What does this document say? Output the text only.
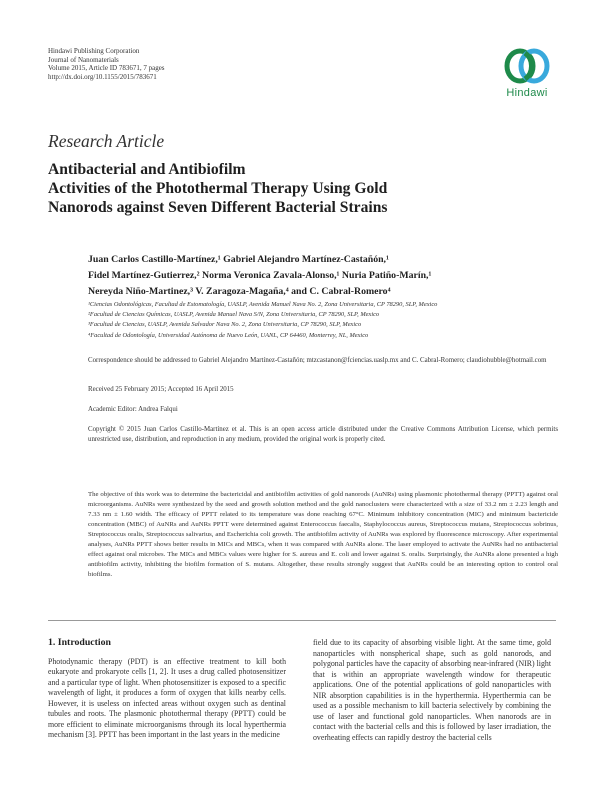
Hindawi Publishing Corporation
Journal of Nanomaterials
Volume 2015, Article ID 783671, 7 pages
http://dx.doi.org/10.1155/2015/783671
Hindawi
Research Article
Antibacterial and Antibiofilm
Activities of the Photothermal Therapy Using Gold
Nanorods against Seven Different Bacterial Strains
Juan Carlos Castillo-Martínez,¹ Gabriel Alejandro Martínez-Castañón,¹
Fidel Martínez-Gutierrez,² Norma Veronica Zavala-Alonso,¹ Nuria Patiño-Marín,¹
Nereyda Niño-Martinez,³ V. Zaragoza-Magaña,⁴ and C. Cabral-Romero⁴
¹Ciencias Odontológicas, Facultad de Estomatología, UASLP, Avenida Manuel Nava No. 2, Zona Universitaria, CP 78290, SLP, Mexico
²Facultad de Ciencias Químicas, UASLP, Avenida Manuel Nava S/N, Zona Universitaria, CP 78290, SLP, Mexico
³Facultad de Ciencias, UASLP, Avenida Salvador Nava No. 2, Zona Universitaria, CP 78290, SLP, Mexico
⁴Facultad de Odontología, Universidad Autónoma de Nuevo León, UANL, CP 64460, Monterrey, NL, Mexico
Correspondence should be addressed to Gabriel Alejandro Martínez-Castañón; mtzcastanon@fciencias.uaslp.mx and C. Cabral-Romero; claudiohubble@hotmail.com
Received 25 February 2015; Accepted 16 April 2015
Academic Editor: Andrea Falqui
Copyright © 2015 Juan Carlos Castillo-Martínez et al. This is an open access article distributed under the Creative Commons Attribution License, which permits unrestricted use, distribution, and reproduction in any medium, provided the original work is properly cited.
The objective of this work was to determine the bactericidal and antibiofilm activities of gold nanorods (AuNRs) using plasmonic photothermal therapy (PPTT) against oral microorganisms. AuNRs were synthesized by the seed and growth solution method and the gold nanoclusters were characterized with a size of 33.2 nm ± 2.23 length and 7.33 nm ± 1.60 width. The efficacy of PPTT related to its temperature was done reaching 67°C. Minimum inhibitory concentration (MIC) and minimum bactericide concentration (MBC) of AuNRs and AuNRs PPTT were determined against Enterococcus faecalis, Staphylococcus aureus, Streptococcus mutans, Streptococcus sobrinus, Streptococcus oralis, Streptococcus salivarius, and Escherichia coli growth. The antibiofilm activity of AuNRs was explored by fluorescence microscopy. After experimental analyses, AuNRs PPTT shows better results in MICs and MBCs, when it was compared with AuNRs alone. The laser employed to activate the AuNRs had no antibacterial effect against oral microbes. The MICs and MBCs values were higher for S. aureus and E. coli and lower against S. oralis. Surprisingly, the AuNRs alone presented a high antibiofilm activity, inhibiting the biofilm formation of S. mutans. Altogether, these results strongly suggest that AuNRs could be an interesting option to control oral biofilms.
1. Introduction
Photodynamic therapy (PDT) is an effective treatment to kill both eukaryote and prokaryote cells [1, 2]. It uses a drug called photosensitizer and a particular type of light. When photosensitizer is exposed to a specific wavelength of light, it produces a form of oxygen that kills nearby cells. However, it is useless on infected areas without oxygen such as dentinal tubules and roots. The plasmonic photothermal therapy (PPTT) could be more efficient to eliminate microorganisms through its local hyperthermia mechanism [3]. PPTT has been important in the last years in the medicine
field due to its capacity of absorbing visible light. At the same time, gold nanoparticles with nonspherical shape, such as gold nanorods, and polygonal particles have the capacity of absorbing near-infrared (NIR) light that is within an appropriate wavelength window for therapeutic applications. One of the potential applications of gold nanoparticles with NIR absorption capabilities is in the hyperthermia. Hyperthermia can be used as a possible mechanism to kill bacteria selectively by combining the use of laser and functional gold nanoparticles. When nanorods are in contact with the bacterial cells and this is followed by laser irradiation, the overheating effects can rapidly destroy the bacterial cells
